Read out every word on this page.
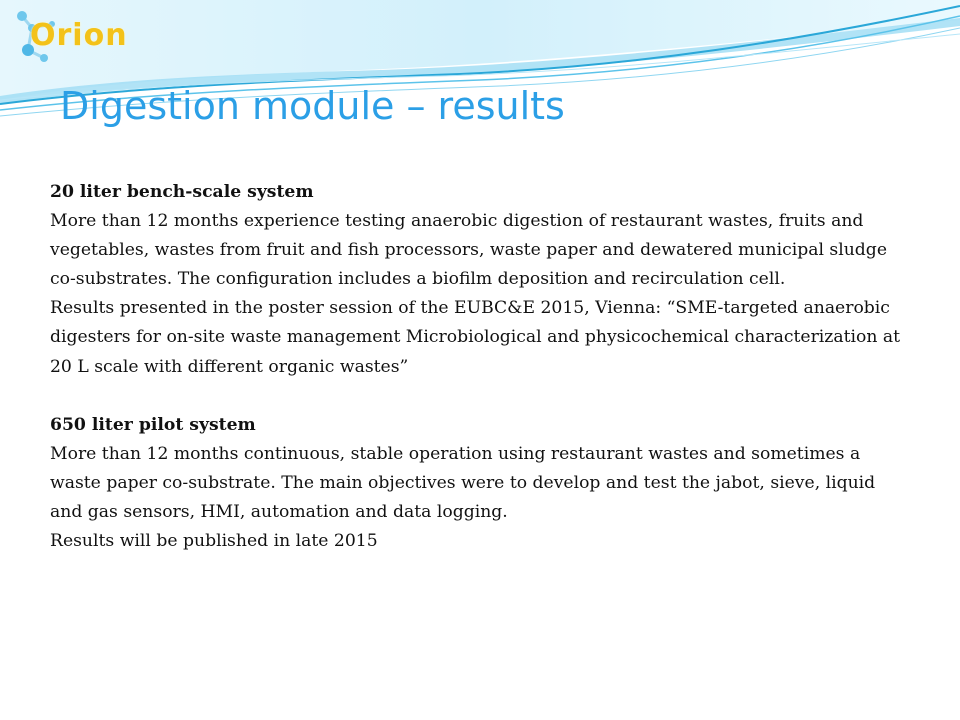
Orion
Digestion module – results
20 liter bench-scale system
More than 12 months experience testing anaerobic digestion of restaurant wastes, fruits and vegetables, wastes from fruit and fish processors, waste paper and dewatered municipal sludge co-substrates. The configuration includes a biofilm deposition and recirculation cell.
Results presented in the poster session of the EUBC&E 2015, Vienna: “SME-targeted anaerobic digesters for on-site waste management Microbiological and physicochemical characterization at 20 L scale with different organic wastes”
650 liter pilot system
More than 12 months continuous, stable operation using restaurant wastes and sometimes a waste paper co-substrate. The main objectives were to develop and test the jabot, sieve, liquid and gas sensors, HMI, automation and data logging.
Results will be published in late 2015
